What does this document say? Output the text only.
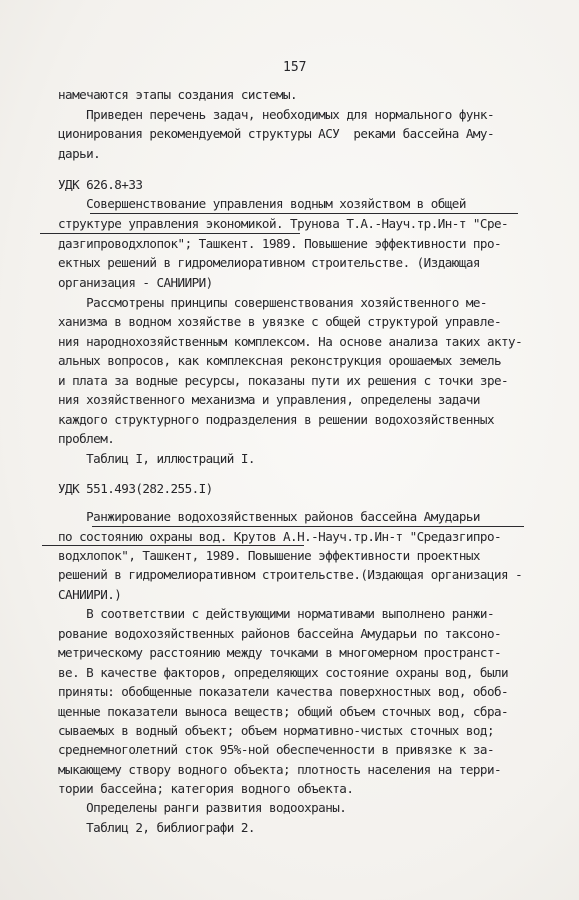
157
намечаются этапы создания системы.
Приведен перечень задач, необходимых для нормального функ-
ционирования рекомендуемой структуры АСУ  реками бассейна Аму-
дарьи.
УДК 626.8+33
Совершенствование управления водным хозяйством в общей
структуре управления экономикой. Трунова Т.А.-Науч.тр.Ин-т "Сре-
дазгипроводхлопок"; Ташкент. 1989. Повышение эффективности про-
ектных решений в гидромелиоративном строительстве. (Издающая
организация - САНИИРИ)
Рассмотрены принципы совершенствования хозяйственного ме-
ханизма в водном хозяйстве в увязке с общей структурой управле-
ния народнохозяйственным комплексом. На основе анализа таких акту-
альных вопросов, как комплексная реконструкция орошаемых земель
и плата за водные ресурсы, показаны пути их решения с точки зре-
ния хозяйственного механизма и управления, определены задачи
каждого структурного подразделения в решении водохозяйственных
проблем.
Таблиц I, иллюстраций I.
УДК 551.493(282.255.I)
Ранжирование водохозяйственных районов бассейна Амударьи
по состоянию охраны вод. Крутов А.Н.-Науч.тр.Ин-т "Средазгипро-
водхлопок", Ташкент, 1989. Повышение эффективности проектных
решений в гидромелиоративном строительстве.(Издающая организация -
САНИИРИ.)
В соответствии с действующими нормативами выполнено ранжи-
рование водохозяйственных районов бассейна Амударьи по таксоно-
метрическому расстоянию между точками в многомерном пространст-
ве. В качестве факторов, определяющих состояние охраны вод, были
приняты: обобщенные показатели качества поверхностных вод, обоб-
щенные показатели выноса веществ; общий объем сточных вод, сбра-
сываемых в водный объект; объем нормативно-чистых сточных вод;
среднемноголетний сток 95%-ной обеспеченности в привязке к за-
мыкающему створу водного объекта; плотность населения на терри-
тории бассейна; категория водного объекта.
Определены ранги развития водоохраны.
Таблиц 2, библиографи 2.
